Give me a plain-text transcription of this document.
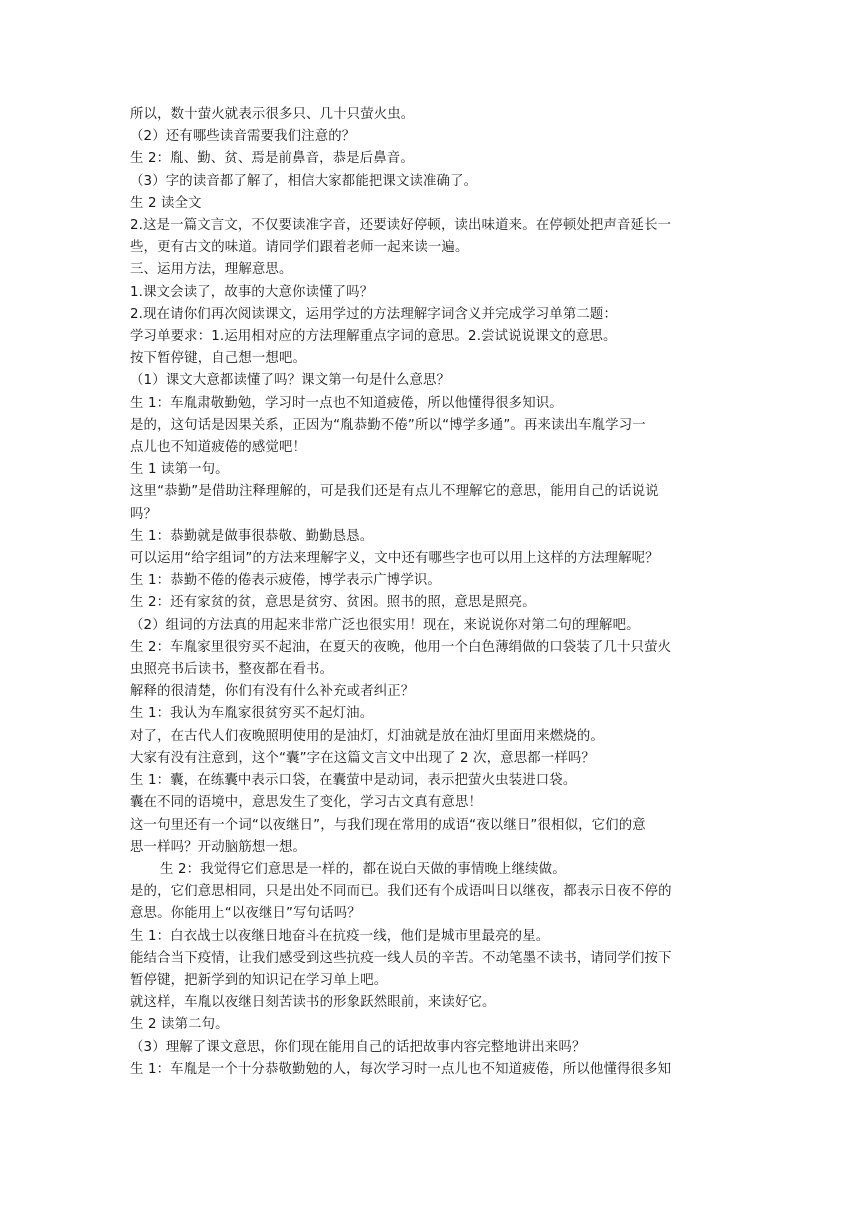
所以，数十萤火就表示很多只、几十只萤火虫。
（2）还有哪些读音需要我们注意的？
生 2：胤、勤、贫、焉是前鼻音，恭是后鼻音。
（3）字的读音都了解了，相信大家都能把课文读准确了。
生 2 读全文
2.这是一篇文言文，不仅要读准字音，还要读好停顿，读出味道来。在停顿处把声音延长一
些，更有古文的味道。请同学们跟着老师一起来读一遍。
三、运用方法，理解意思。
1.课文会读了，故事的大意你读懂了吗？
2.现在请你们再次阅读课文，运用学过的方法理解字词含义并完成学习单第二题：
学习单要求：1.运用相对应的方法理解重点字词的意思。2.尝试说说课文的意思。
按下暂停键，自己想一想吧。
（1）课文大意都读懂了吗？课文第一句是什么意思？
生 1：车胤肃敬勤勉，学习时一点也不知道疲倦，所以他懂得很多知识。
是的，这句话是因果关系，正因为“胤恭勤不倦”所以“博学多通”。再来读出车胤学习一
点儿也不知道疲倦的感觉吧！
生 1 读第一句。
这里“恭勤”是借助注释理解的，可是我们还是有点儿不理解它的意思，能用自己的话说说
吗？
生 1：恭勤就是做事很恭敬、勤勤恳恳。
可以运用“给字组词”的方法来理解字义，文中还有哪些字也可以用上这样的方法理解呢？
生 1：恭勤不倦的倦表示疲倦，博学表示广博学识。
生 2：还有家贫的贫，意思是贫穷、贫困。照书的照，意思是照亮。
（2）组词的方法真的用起来非常广泛也很实用！现在，来说说你对第二句的理解吧。
生 2：车胤家里很穷买不起油，在夏天的夜晚，他用一个白色薄绢做的口袋装了几十只萤火
虫照亮书后读书，整夜都在看书。
解释的很清楚，你们有没有什么补充或者纠正？
生 1：我认为车胤家很贫穷买不起灯油。
对了，在古代人们夜晚照明使用的是油灯，灯油就是放在油灯里面用来燃烧的。
大家有没有注意到，这个“囊”字在这篇文言文中出现了 2 次，意思都一样吗？
生 1：囊，在练囊中表示口袋，在囊萤中是动词，表示把萤火虫装进口袋。
囊在不同的语境中，意思发生了变化，学习古文真有意思！
这一句里还有一个词“以夜继日”，与我们现在常用的成语“夜以继日”很相似，它们的意
思一样吗？开动脑筋想一想。
生 2：我觉得它们意思是一样的，都在说白天做的事情晚上继续做。
是的，它们意思相同，只是出处不同而已。我们还有个成语叫日以继夜，都表示日夜不停的
意思。你能用上“以夜继日”写句话吗？
生 1：白衣战士以夜继日地奋斗在抗疫一线，他们是城市里最亮的星。
能结合当下疫情，让我们感受到这些抗疫一线人员的辛苦。不动笔墨不读书，请同学们按下
暂停键，把新学到的知识记在学习单上吧。
就这样，车胤以夜继日刻苦读书的形象跃然眼前，来读好它。
生 2 读第二句。
（3）理解了课文意思，你们现在能用自己的话把故事内容完整地讲出来吗？
生 1：车胤是一个十分恭敬勤勉的人，每次学习时一点儿也不知道疲倦，所以他懂得很多知
